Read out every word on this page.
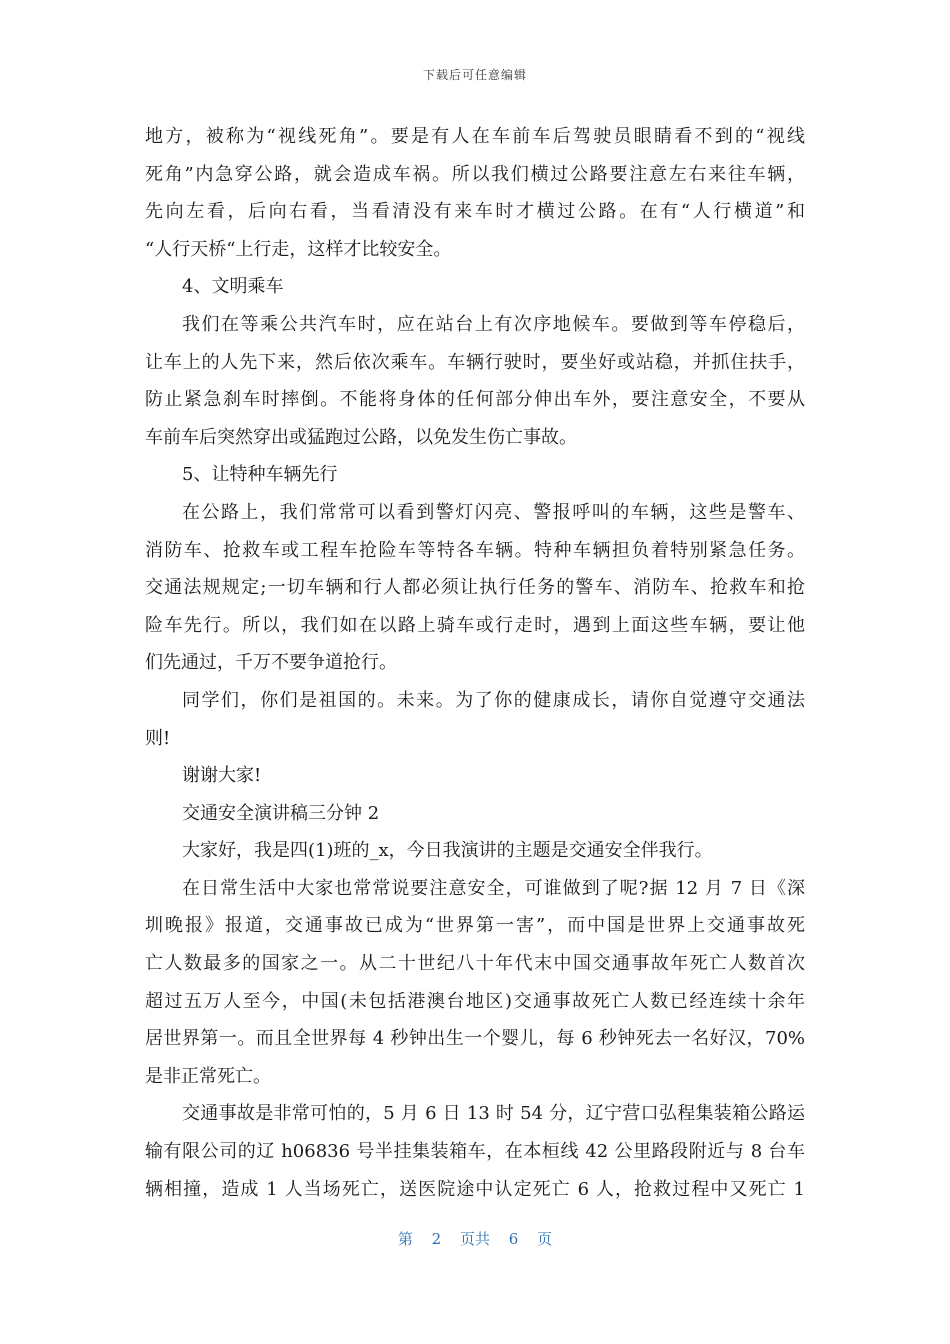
下载后可任意编辑
地方，被称为“视线死角”。要是有人在车前车后驾驶员眼睛看不到的“视线
死角”内急穿公路，就会造成车祸。所以我们横过公路要注意左右来往车辆，
先向左看，后向右看，当看清没有来车时才横过公路。在有“人行横道”和
“人行天桥“上行走，这样才比较安全。
4、文明乘车
我们在等乘公共汽车时，应在站台上有次序地候车。要做到等车停稳后，
让车上的人先下来，然后依次乘车。车辆行驶时，要坐好或站稳，并抓住扶手，
防止紧急刹车时摔倒。不能将身体的任何部分伸出车外，要注意安全，不要从
车前车后突然穿出或猛跑过公路，以免发生伤亡事故。
5、让特种车辆先行
在公路上，我们常常可以看到警灯闪亮、警报呼叫的车辆，这些是警车、
消防车、抢救车或工程车抢险车等特各车辆。特种车辆担负着特别紧急任务。
交通法规规定;一切车辆和行人都必须让执行任务的警车、消防车、抢救车和抢
险车先行。所以，我们如在以路上骑车或行走时，遇到上面这些车辆，要让他
们先通过，千万不要争道抢行。
同学们，你们是祖国的。未来。为了你的健康成长，请你自觉遵守交通法
则!
谢谢大家!
交通安全演讲稿三分钟 2
大家好，我是四(1)班的_x，今日我演讲的主题是交通安全伴我行。
在日常生活中大家也常常说要注意安全，可谁做到了呢?据 12 月 7 日《深
圳晚报》报道，交通事故已成为“世界第一害”，而中国是世界上交通事故死
亡人数最多的国家之一。从二十世纪八十年代末中国交通事故年死亡人数首次
超过五万人至今，中国(未包括港澳台地区)交通事故死亡人数已经连续十余年
居世界第一。而且全世界每 4 秒钟出生一个婴儿，每 6 秒钟死去一名好汉，70%
是非正常死亡。
交通事故是非常可怕的，5 月 6 日 13 时 54 分，辽宁营口弘程集装箱公路运
输有限公司的辽 h06836 号半挂集装箱车，在本桓线 42 公里路段附近与 8 台车
辆相撞，造成 1 人当场死亡，送医院途中认定死亡 6 人，抢救过程中又死亡 1
第 2 页共 6 页
